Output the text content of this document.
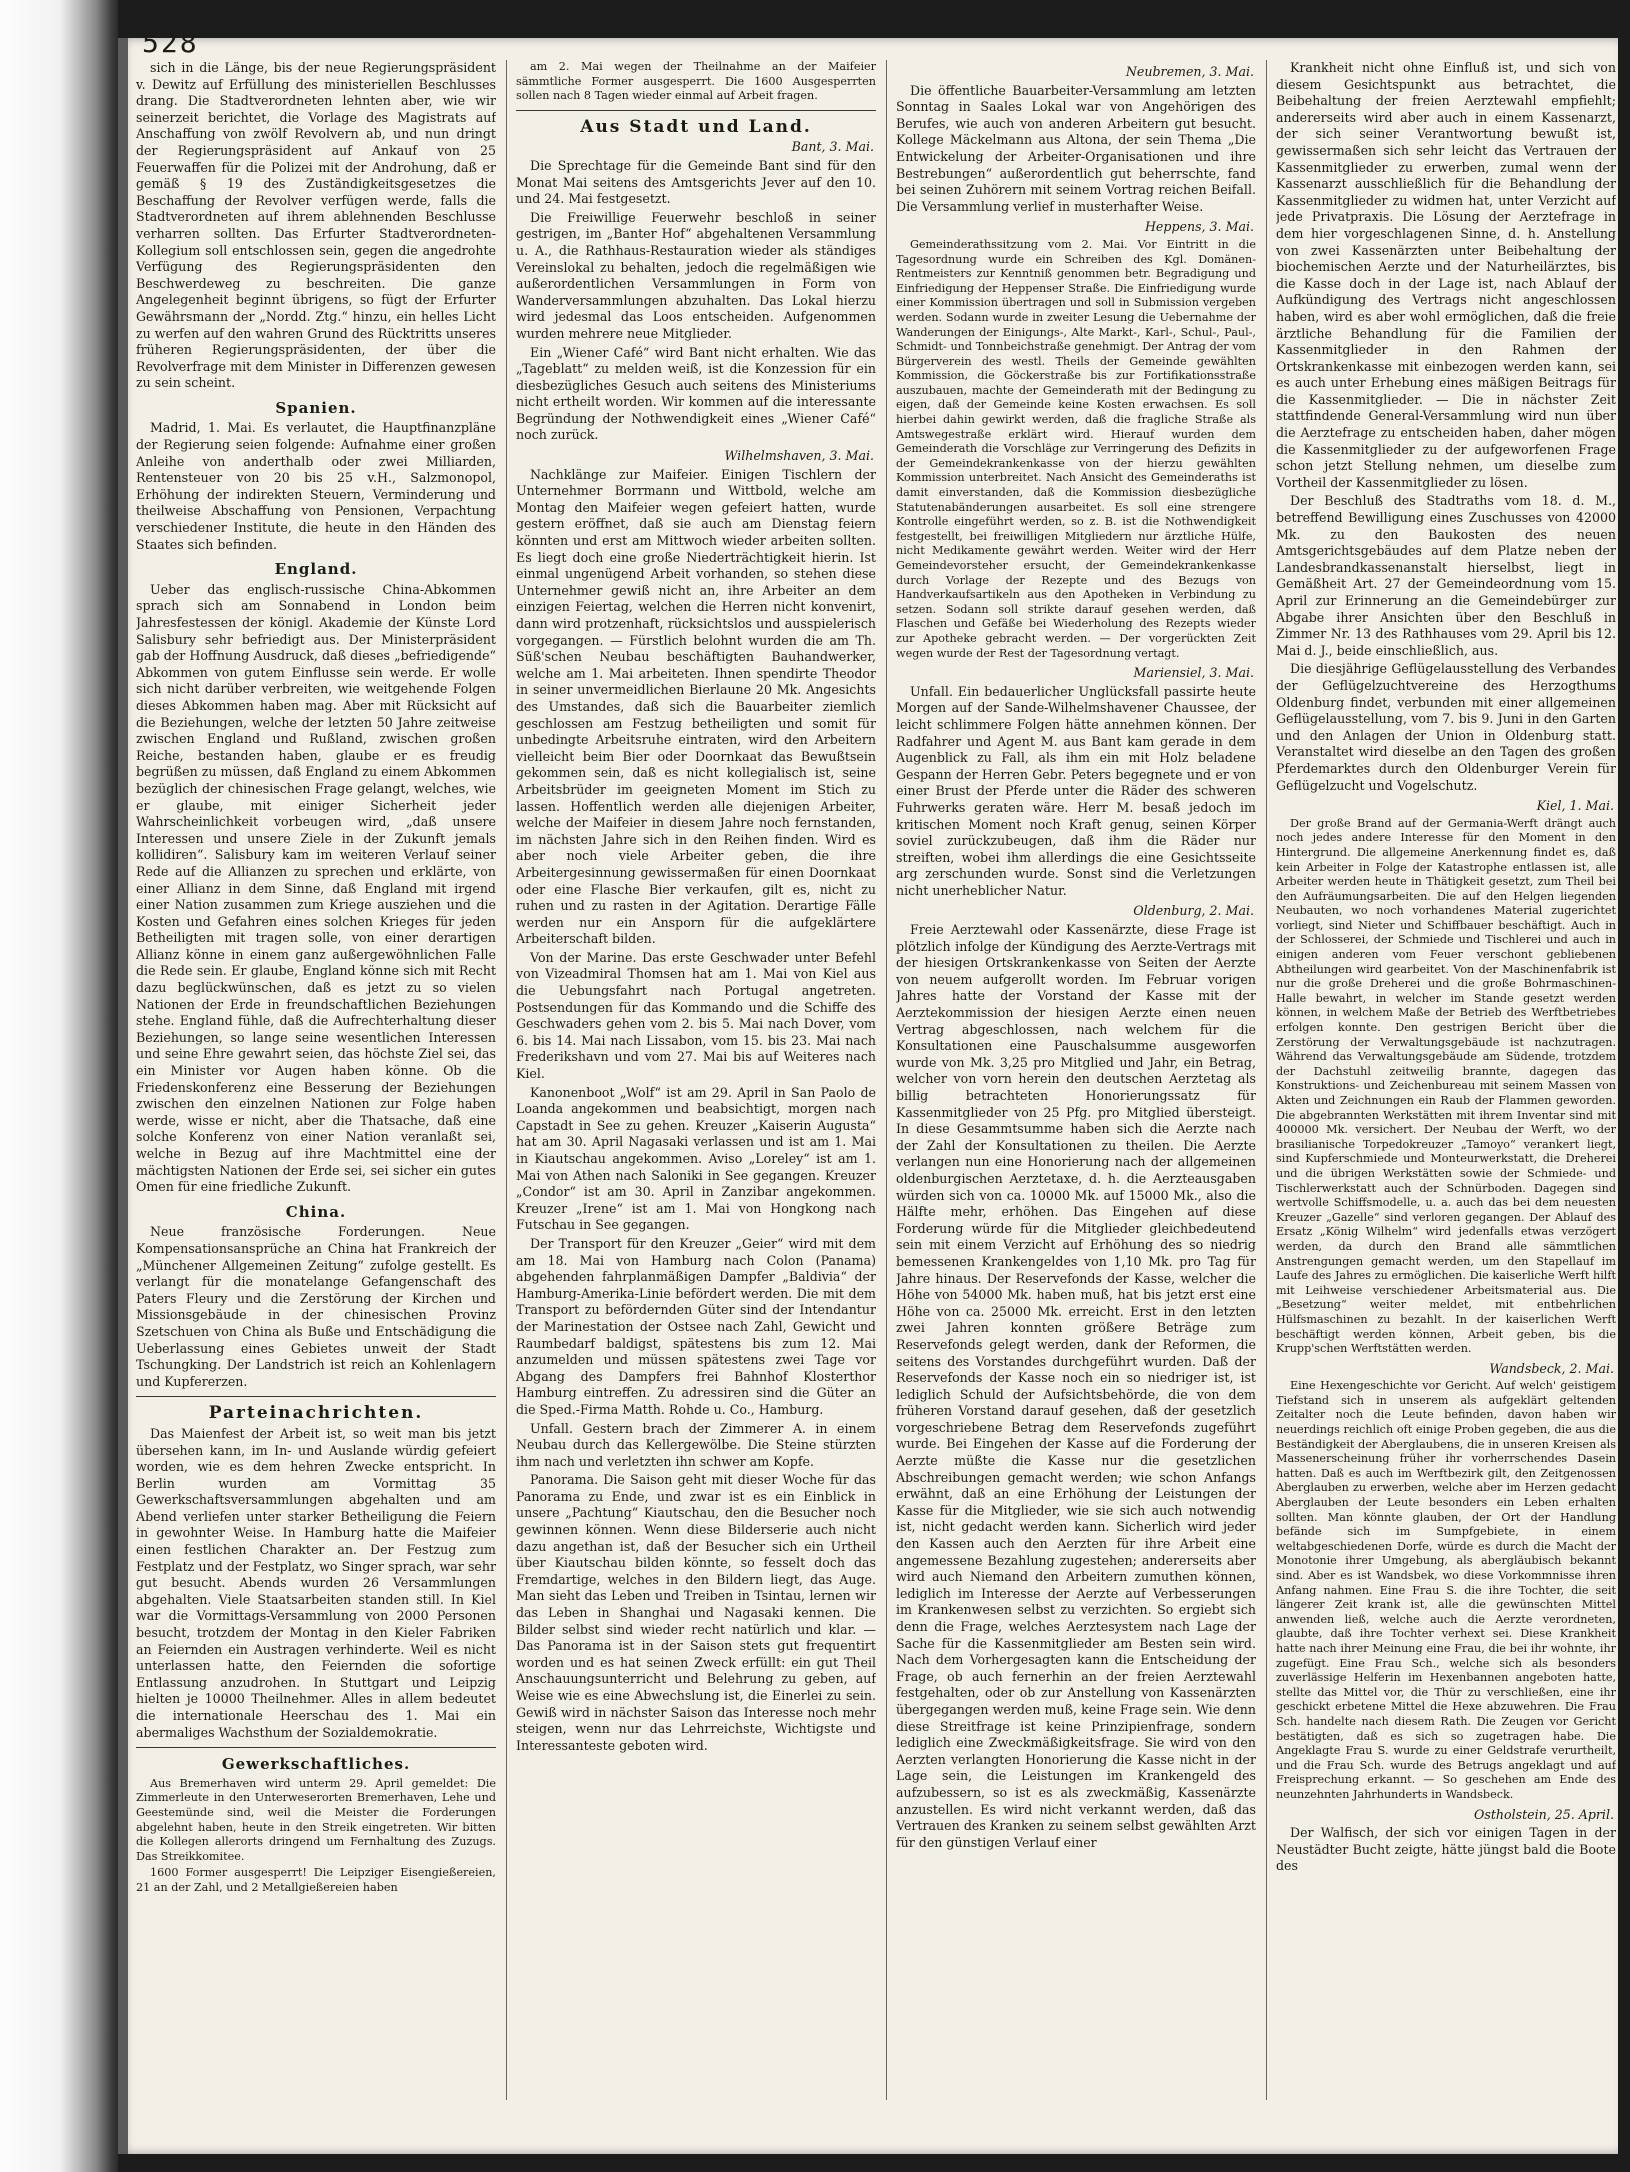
528

sich in die Länge, bis der neue Regierungspräsident v. Dewitz auf Erfüllung des ministeriellen Beschlusses drang. Die Stadtverordneten lehnten aber, wie wir seinerzeit berichtet, die Vorlage des Magistrats auf Anschaffung von zwölf Revolvern ab, und nun dringt der Regierungspräsident auf Ankauf von 25 Feuerwaffen für die Polizei mit der Androhung, daß er gemäß § 19 des Zuständigkeitsgesetzes die Beschaffung der Revolver verfügen werde, falls die Stadtverordneten auf ihrem ablehnenden Beschlusse verharren sollten. Das Erfurter Stadtverordneten-Kollegium soll entschlossen sein, gegen die angedrohte Verfügung des Regierungspräsidenten den Beschwerdeweg zu beschreiten. Die ganze Angelegenheit beginnt übrigens, so fügt der Erfurter Gewährsmann der „Nordd. Ztg.“ hinzu, ein helles Licht zu werfen auf den wahren Grund des Rücktritts unseres früheren Regierungspräsidenten, der über die Revolverfrage mit dem Minister in Differenzen gewesen zu sein scheint.

Spanien.

Madrid, 1. Mai. Es verlautet, die Hauptfinanzpläne der Regierung seien folgende: Aufnahme einer großen Anleihe von anderthalb oder zwei Milliarden, Rentensteuer von 20 bis 25 v.H., Salzmonopol, Erhöhung der indirekten Steuern, Verminderung und theilweise Abschaffung von Pensionen, Verpachtung verschiedener Institute, die heute in den Händen des Staates sich befinden.

England.

Ueber das englisch-russische China-Abkommen sprach sich am Sonnabend in London beim Jahresfestessen der königl. Akademie der Künste Lord Salisbury sehr befriedigt aus. Der Ministerpräsident gab der Hoffnung Ausdruck, daß dieses „befriedigende“ Abkommen von gutem Einflusse sein werde. Er wolle sich nicht darüber verbreiten, wie weitgehende Folgen dieses Abkommen haben mag. Aber mit Rücksicht auf die Beziehungen, welche der letzten 50 Jahre zeitweise zwischen England und Rußland, zwischen großen Reiche, bestanden haben, glaube er es freudig begrüßen zu müssen, daß England zu einem Abkommen bezüglich der chinesischen Frage gelangt, welches, wie er glaube, mit einiger Sicherheit jeder Wahrscheinlichkeit vorbeugen wird, „daß unsere Interessen und unsere Ziele in der Zukunft jemals kollidiren“. Salisbury kam im weiteren Verlauf seiner Rede auf die Allianzen zu sprechen und erklärte, von einer Allianz in dem Sinne, daß England mit irgend einer Nation zusammen zum Kriege ausziehen und die Kosten und Gefahren eines solchen Krieges für jeden Betheiligten mit tragen solle, von einer derartigen Allianz könne in einem ganz außergewöhnlichen Falle die Rede sein. Er glaube, England könne sich mit Recht dazu beglückwünschen, daß es jetzt zu so vielen Nationen der Erde in freundschaftlichen Beziehungen stehe. England fühle, daß die Aufrechterhaltung dieser Beziehungen, so lange seine wesentlichen Interessen und seine Ehre gewahrt seien, das höchste Ziel sei, das ein Minister vor Augen haben könne. Ob die Friedenskonferenz eine Besserung der Beziehungen zwischen den einzelnen Nationen zur Folge haben werde, wisse er nicht, aber die Thatsache, daß eine solche Konferenz von einer Nation veranlaßt sei, welche in Bezug auf ihre Machtmittel eine der mächtigsten Nationen der Erde sei, sei sicher ein gutes Omen für eine friedliche Zukunft.

China.

Neue französische Forderungen. Neue Kompensationsansprüche an China hat Frankreich der „Münchener Allgemeinen Zeitung“ zufolge gestellt. Es verlangt für die monatelange Gefangenschaft des Paters Fleury und die Zerstörung der Kirchen und Missionsgebäude in der chinesischen Provinz Szetschuen von China als Buße und Entschädigung die Ueberlassung eines Gebietes unweit der Stadt Tschungking. Der Landstrich ist reich an Kohlenlagern und Kupfererzen.

Parteinachrichten.

Das Maienfest der Arbeit ist, so weit man bis jetzt übersehen kann, im In- und Auslande würdig gefeiert worden, wie es dem hehren Zwecke entspricht. In Berlin wurden am Vormittag 35 Gewerkschaftsversammlungen abgehalten und am Abend verliefen unter starker Betheiligung die Feiern in gewohnter Weise. In Hamburg hatte die Maifeier einen festlichen Charakter an. Der Festzug zum Festplatz und der Festplatz, wo Singer sprach, war sehr gut besucht. Abends wurden 26 Versammlungen abgehalten. Viele Staatsarbeiten standen still. In Kiel war die Vormittags-Versammlung von 2000 Personen besucht, trotzdem der Montag in den Kieler Fabriken an Feiernden ein Austragen verhinderte. Weil es nicht unterlassen hatte, den Feiernden die sofortige Entlassung anzudrohen. In Stuttgart und Leipzig hielten je 10000 Theilnehmer. Alles in allem bedeutet die internationale Heerschau des 1. Mai ein abermaliges Wachsthum der Sozialdemokratie.

Gewerkschaftliches.

Aus Bremerhaven wird unterm 29. April gemeldet: Die Zimmerleute in den Unterweserorten Bremerhaven, Lehe und Geestemünde sind, weil die Meister die Forderungen abgelehnt haben, heute in den Streik eingetreten. Wir bitten die Kollegen allerorts dringend um Fernhaltung des Zuzugs. Das Streikkomitee.

1600 Former ausgesperrt! Die Leipziger Eisengießereien, 21 an der Zahl, und 2 Metallgießereien haben

am 2. Mai wegen der Theilnahme an der Maifeier sämmtliche Former ausgesperrt. Die 1600 Ausgesperrten sollen nach 8 Tagen wieder einmal auf Arbeit fragen.

Aus Stadt und Land.
Bant, 3. Mai.

Die Sprechtage für die Gemeinde Bant sind für den Monat Mai seitens des Amtsgerichts Jever auf den 10. und 24. Mai festgesetzt.

Die Freiwillige Feuerwehr beschloß in seiner gestrigen, im „Banter Hof“ abgehaltenen Versammlung u. A., die Rathhaus-Restauration wieder als ständiges Vereinslokal zu behalten, jedoch die regelmäßigen wie außerordentlichen Versammlungen in Form von Wanderversammlungen abzuhalten. Das Lokal hierzu wird jedesmal das Loos entscheiden. Aufgenommen wurden mehrere neue Mitglieder.

Ein „Wiener Café“ wird Bant nicht erhalten. Wie das „Tageblatt“ zu melden weiß, ist die Konzession für ein diesbezügliches Gesuch auch seitens des Ministeriums nicht ertheilt worden. Wir kommen auf die interessante Begründung der Nothwendigkeit eines „Wiener Café“ noch zurück.

Wilhelmshaven, 3. Mai.

Nachklänge zur Maifeier. Einigen Tischlern der Unternehmer Borrmann und Wittbold, welche am Montag den Maifeier wegen gefeiert hatten, wurde gestern eröffnet, daß sie auch am Dienstag feiern könnten und erst am Mittwoch wieder arbeiten sollten. Es liegt doch eine große Niederträchtigkeit hierin. Ist einmal ungenügend Arbeit vorhanden, so stehen diese Unternehmer gewiß nicht an, ihre Arbeiter an dem einzigen Feiertag, welchen die Herren nicht konvenirt, dann wird protzenhaft, rücksichtslos und ausspielerisch vorgegangen. — Fürstlich belohnt wurden die am Th. Süß'schen Neubau beschäftigten Bauhandwerker, welche am 1. Mai arbeiteten. Ihnen spendirte Theodor in seiner unvermeidlichen Bierlaune 20 Mk. Angesichts des Umstandes, daß sich die Bauarbeiter ziemlich geschlossen am Festzug betheiligten und somit für unbedingte Arbeitsruhe eintraten, wird den Arbeitern vielleicht beim Bier oder Doornkaat das Bewußtsein gekommen sein, daß es nicht kollegialisch ist, seine Arbeitsbrüder im geeigneten Moment im Stich zu lassen. Hoffentlich werden alle diejenigen Arbeiter, welche der Maifeier in diesem Jahre noch fernstanden, im nächsten Jahre sich in den Reihen finden. Wird es aber noch viele Arbeiter geben, die ihre Arbeitergesinnung gewissermaßen für einen Doornkaat oder eine Flasche Bier verkaufen, gilt es, nicht zu ruhen und zu rasten in der Agitation. Derartige Fälle werden nur ein Ansporn für die aufgeklärtere Arbeiterschaft bilden.

Von der Marine. Das erste Geschwader unter Befehl von Vizeadmiral Thomsen hat am 1. Mai von Kiel aus die Uebungsfahrt nach Portugal angetreten. Postsendungen für das Kommando und die Schiffe des Geschwaders gehen vom 2. bis 5. Mai nach Dover, vom 6. bis 14. Mai nach Lissabon, vom 15. bis 23. Mai nach Frederikshavn und vom 27. Mai bis auf Weiteres nach Kiel.

Kanonenboot „Wolf“ ist am 29. April in San Paolo de Loanda angekommen und beabsichtigt, morgen nach Capstadt in See zu gehen. Kreuzer „Kaiserin Augusta“ hat am 30. April Nagasaki verlassen und ist am 1. Mai in Kiautschau angekommen. Aviso „Loreley“ ist am 1. Mai von Athen nach Saloniki in See gegangen. Kreuzer „Condor“ ist am 30. April in Zanzibar angekommen. Kreuzer „Irene“ ist am 1. Mai von Hongkong nach Futschau in See gegangen.

Der Transport für den Kreuzer „Geier“ wird mit dem am 18. Mai von Hamburg nach Colon (Panama) abgehenden fahrplanmäßigen Dampfer „Baldivia“ der Hamburg-Amerika-Linie befördert werden. Die mit dem Transport zu befördernden Güter sind der Intendantur der Marinestation der Ostsee nach Zahl, Gewicht und Raumbedarf baldigst, spätestens bis zum 12. Mai anzumelden und müssen spätestens zwei Tage vor Abgang des Dampfers frei Bahnhof Klosterthor Hamburg eintreffen. Zu adressiren sind die Güter an die Sped.-Firma Matth. Rohde u. Co., Hamburg.

Unfall. Gestern brach der Zimmerer A. in einem Neubau durch das Kellergewölbe. Die Steine stürzten ihm nach und verletzten ihn schwer am Kopfe.

Panorama. Die Saison geht mit dieser Woche für das Panorama zu Ende, und zwar ist es ein Einblick in unsere „Pachtung“ Kiautschau, den die Besucher noch gewinnen können. Wenn diese Bilderserie auch nicht dazu angethan ist, daß der Besucher sich ein Urtheil über Kiautschau bilden könnte, so fesselt doch das Fremdartige, welches in den Bildern liegt, das Auge. Man sieht das Leben und Treiben in Tsintau, lernen wir das Leben in Shanghai und Nagasaki kennen. Die Bilder selbst sind wieder recht natürlich und klar. — Das Panorama ist in der Saison stets gut frequentirt worden und es hat seinen Zweck erfüllt: ein gut Theil Anschauungsunterricht und Belehrung zu geben, auf Weise wie es eine Abwechslung ist, die Einerlei zu sein. Gewiß wird in nächster Saison das Interesse noch mehr steigen, wenn nur das Lehrreichste, Wichtigste und Interessanteste geboten wird.

Neubremen, 3. Mai.

Die öffentliche Bauarbeiter-Versammlung am letzten Sonntag in Saales Lokal war von Angehörigen des Berufes, wie auch von anderen Arbeitern gut besucht. Kollege Mäckelmann aus Altona, der sein Thema „Die Entwickelung der Arbeiter-Organisationen und ihre Bestrebungen“ außerordentlich gut beherrschte, fand bei seinen Zuhörern mit seinem Vortrag reichen Beifall. Die Versammlung verlief in musterhafter Weise.

Heppens, 3. Mai.

Gemeinderathssitzung vom 2. Mai. Vor Eintritt in die Tagesordnung wurde ein Schreiben des Kgl. Domänen-Rentmeisters zur Kenntniß genommen betr. Begradigung und Einfriedigung der Heppenser Straße. Die Einfriedigung wurde einer Kommission übertragen und soll in Submission vergeben werden. Sodann wurde in zweiter Lesung die Uebernahme der Wanderungen der Einigungs-, Alte Markt-, Karl-, Schul-, Paul-, Schmidt- und Tonnbeichstraße genehmigt. Der Antrag der vom Bürgerverein des westl. Theils der Gemeinde gewählten Kommission, die Göckerstraße bis zur Fortifikationsstraße auszubauen, machte der Gemeinderath mit der Bedingung zu eigen, daß der Gemeinde keine Kosten erwachsen. Es soll hierbei dahin gewirkt werden, daß die fragliche Straße als Amtswegestraße erklärt wird. Hierauf wurden dem Gemeinderath die Vorschläge zur Verringerung des Defizits in der Gemeindekrankenkasse von der hierzu gewählten Kommission unterbreitet. Nach Ansicht des Gemeinderaths ist damit einverstanden, daß die Kommission diesbezügliche Statutenabänderungen ausarbeitet. Es soll eine strengere Kontrolle eingeführt werden, so z. B. ist die Nothwendigkeit festgestellt, bei freiwilligen Mitgliedern nur ärztliche Hülfe, nicht Medikamente gewährt werden. Weiter wird der Herr Gemeindevorsteher ersucht, der Gemeindekrankenkasse durch Vorlage der Rezepte und des Bezugs von Handverkaufsartikeln aus den Apotheken in Verbindung zu setzen. Sodann soll strikte darauf gesehen werden, daß Flaschen und Gefäße bei Wiederholung des Rezepts wieder zur Apotheke gebracht werden. — Der vorgerückten Zeit wegen wurde der Rest der Tagesordnung vertagt.

Mariensiel, 3. Mai.

Unfall. Ein bedauerlicher Unglücksfall passirte heute Morgen auf der Sande-Wilhelmshavener Chaussee, der leicht schlimmere Folgen hätte annehmen können. Der Radfahrer und Agent M. aus Bant kam gerade in dem Augenblick zu Fall, als ihm ein mit Holz beladene Gespann der Herren Gebr. Peters begegnete und er von einer Brust der Pferde unter die Räder des schweren Fuhrwerks geraten wäre. Herr M. besaß jedoch im kritischen Moment noch Kraft genug, seinen Körper soviel zurückzubeugen, daß ihm die Räder nur streiften, wobei ihm allerdings die eine Gesichtsseite arg zerschunden wurde. Sonst sind die Verletzungen nicht unerheblicher Natur.

Oldenburg, 2. Mai.

Freie Aerztewahl oder Kassenärzte, diese Frage ist plötzlich infolge der Kündigung des Aerzte-Vertrags mit der hiesigen Ortskrankenkasse von Seiten der Aerzte von neuem aufgerollt worden. Im Februar vorigen Jahres hatte der Vorstand der Kasse mit der Aerztekommission der hiesigen Aerzte einen neuen Vertrag abgeschlossen, nach welchem für die Konsultationen eine Pauschalsumme ausgeworfen wurde von Mk. 3,25 pro Mitglied und Jahr, ein Betrag, welcher von vorn herein den deutschen Aerztetag als billig betrachteten Honorierungssatz für Kassenmitglieder von 25 Pfg. pro Mitglied übersteigt. In diese Gesammtsumme haben sich die Aerzte nach der Zahl der Konsultationen zu theilen. Die Aerzte verlangen nun eine Honorierung nach der allgemeinen oldenburgischen Aerztetaxe, d. h. die Aerzteausgaben würden sich von ca. 10000 Mk. auf 15000 Mk., also die Hälfte mehr, erhöhen. Das Eingehen auf diese Forderung würde für die Mitglieder gleichbedeutend sein mit einem Verzicht auf Erhöhung des so niedrig bemessenen Krankengeldes von 1,10 Mk. pro Tag für Jahre hinaus. Der Reservefonds der Kasse, welcher die Höhe von 54000 Mk. haben muß, hat bis jetzt erst eine Höhe von ca. 25000 Mk. erreicht. Erst in den letzten zwei Jahren konnten größere Beträge zum Reservefonds gelegt werden, dank der Reformen, die seitens des Vorstandes durchgeführt wurden. Daß der Reservefonds der Kasse noch ein so niedriger ist, ist lediglich Schuld der Aufsichtsbehörde, die von dem früheren Vorstand darauf gesehen, daß der gesetzlich vorgeschriebene Betrag dem Reservefonds zugeführt wurde. Bei Eingehen der Kasse auf die Forderung der Aerzte müßte die Kasse nur die gesetzlichen Abschreibungen gemacht werden; wie schon Anfangs erwähnt, daß an eine Erhöhung der Leistungen der Kasse für die Mitglieder, wie sie sich auch notwendig ist, nicht gedacht werden kann. Sicherlich wird jeder den Kassen auch den Aerzten für ihre Arbeit eine angemessene Bezahlung zugestehen; andererseits aber wird auch Niemand den Arbeitern zumuthen können, lediglich im Interesse der Aerzte auf Verbesserungen im Krankenwesen selbst zu verzichten. So ergiebt sich denn die Frage, welches Aerztesystem nach Lage der Sache für die Kassenmitglieder am Besten sein wird. Nach dem Vorhergesagten kann die Entscheidung der Frage, ob auch fernerhin an der freien Aerztewahl festgehalten, oder ob zur Anstellung von Kassenärzten übergegangen werden muß, keine Frage sein. Wie denn diese Streitfrage ist keine Prinzipienfrage, sondern lediglich eine Zweckmäßigkeitsfrage. Sie wird von den Aerzten verlangten Honorierung die Kasse nicht in der Lage sein, die Leistungen im Krankengeld des aufzubessern, so ist es als zweckmäßig, Kassenärzte anzustellen. Es wird nicht verkannt werden, daß das Vertrauen des Kranken zu seinem selbst gewählten Arzt für den günstigen Verlauf einer

Krankheit nicht ohne Einfluß ist, und sich von diesem Gesichtspunkt aus betrachtet, die Beibehaltung der freien Aerztewahl empfiehlt; andererseits wird aber auch in einem Kassenarzt, der sich seiner Verantwortung bewußt ist, gewissermaßen sich sehr leicht das Vertrauen der Kassenmitglieder zu erwerben, zumal wenn der Kassenarzt ausschließlich für die Behandlung der Kassenmitglieder zu widmen hat, unter Verzicht auf jede Privatpraxis. Die Lösung der Aerztefrage in dem hier vorgeschlagenen Sinne, d. h. Anstellung von zwei Kassenärzten unter Beibehaltung der biochemischen Aerzte und der Naturheilärztes, bis die Kasse doch in der Lage ist, nach Ablauf der Aufkündigung des Vertrags nicht angeschlossen haben, wird es aber wohl ermöglichen, daß die freie ärztliche Behandlung für die Familien der Kassenmitglieder in den Rahmen der Ortskrankenkasse mit einbezogen werden kann, sei es auch unter Erhebung eines mäßigen Beitrags für die Kassenmitglieder. — Die in nächster Zeit stattfindende General-Versammlung wird nun über die Aerztefrage zu entscheiden haben, daher mögen die Kassenmitglieder zu der aufgeworfenen Frage schon jetzt Stellung nehmen, um dieselbe zum Vortheil der Kassenmitglieder zu lösen.

Der Beschluß des Stadtraths vom 18. d. M., betreffend Bewilligung eines Zuschusses von 42000 Mk. zu den Baukosten des neuen Amtsgerichtsgebäudes auf dem Platze neben der Landesbrandkassenanstalt hierselbst, liegt in Gemäßheit Art. 27 der Gemeindeordnung vom 15. April zur Erinnerung an die Gemeindebürger zur Abgabe ihrer Ansichten über den Beschluß in Zimmer Nr. 13 des Rathhauses vom 29. April bis 12. Mai d. J., beide einschließlich, aus.

Die diesjährige Geflügelausstellung des Verbandes der Geflügelzuchtvereine des Herzogthums Oldenburg findet, verbunden mit einer allgemeinen Geflügelausstellung, vom 7. bis 9. Juni in den Garten und den Anlagen der Union in Oldenburg statt. Veranstaltet wird dieselbe an den Tagen des großen Pferdemarktes durch den Oldenburger Verein für Geflügelzucht und Vogelschutz.

Kiel, 1. Mai.

Der große Brand auf der Germania-Werft drängt auch noch jedes andere Interesse für den Moment in den Hintergrund. Die allgemeine Anerkennung findet es, daß kein Arbeiter in Folge der Katastrophe entlassen ist, alle Arbeiter werden heute in Thätigkeit gesetzt, zum Theil bei den Aufräumungsarbeiten. Die auf den Helgen liegenden Neubauten, wo noch vorhandenes Material zugerichtet vorliegt, sind Nieter und Schiffbauer beschäftigt. Auch in der Schlosserei, der Schmiede und Tischlerei und auch in einigen anderen vom Feuer verschont gebliebenen Abtheilungen wird gearbeitet. Von der Maschinenfabrik ist nur die große Dreherei und die große Bohrmaschinen-Halle bewahrt, in welcher im Stande gesetzt werden können, in welchem Maße der Betrieb des Werftbetriebes erfolgen konnte. Den gestrigen Bericht über die Zerstörung der Verwaltungsgebäude ist nachzutragen. Während das Verwaltungsgebäude am Südende, trotzdem der Dachstuhl zeitweilig brannte, dagegen das Konstruktions- und Zeichenbureau mit seinem Massen von Akten und Zeichnungen ein Raub der Flammen geworden. Die abgebrannten Werkstätten mit ihrem Inventar sind mit 400000 Mk. versichert. Der Neubau der Werft, wo der brasilianische Torpedokreuzer „Tamoyo“ verankert liegt, sind Kupferschmiede und Monteurwerkstatt, die Dreherei und die übrigen Werkstätten sowie der Schmiede- und Tischlerwerkstatt auch der Schnürboden. Dagegen sind wertvolle Schiffsmodelle, u. a. auch das bei dem neuesten Kreuzer „Gazelle“ sind verloren gegangen. Der Ablauf des Ersatz „König Wilhelm“ wird jedenfalls etwas verzögert werden, da durch den Brand alle sämmtlichen Anstrengungen gemacht werden, um den Stapellauf im Laufe des Jahres zu ermöglichen. Die kaiserliche Werft hilft mit Leihweise verschiedener Arbeitsmaterial aus. Die „Besetzung“ weiter meldet, mit entbehrlichen Hülfsmaschinen zu bezahlt. In der kaiserlichen Werft beschäftigt werden können, Arbeit geben, bis die Krupp'schen Werftstätten werden.

Wandsbeck, 2. Mai.

Eine Hexengeschichte vor Gericht. Auf welch' geistigem Tiefstand sich in unserem als aufgeklärt geltenden Zeitalter noch die Leute befinden, davon haben wir neuerdings reichlich oft einige Proben gegeben, die aus die Beständigkeit der Aberglaubens, die in unseren Kreisen als Massenerscheinung früher ihr vorherrschendes Dasein hatten. Daß es auch im Werftbezirk gilt, den Zeitgenossen Aberglauben zu erwerben, welche aber im Herzen gedacht Aberglauben der Leute besonders ein Leben erhalten sollten. Man könnte glauben, der Ort der Handlung befände sich im Sumpfgebiete, in einem weltabgeschiedenen Dorfe, würde es durch die Macht der Monotonie ihrer Umgebung, als abergläubisch bekannt sind. Aber es ist Wandsbek, wo diese Vorkommnisse ihren Anfang nahmen. Eine Frau S. die ihre Tochter, die seit längerer Zeit krank ist, alle die gewünschten Mittel anwenden ließ, welche auch die Aerzte verordneten, glaubte, daß ihre Tochter verhext sei. Diese Krankheit hatte nach ihrer Meinung eine Frau, die bei ihr wohnte, ihr zugefügt. Eine Frau Sch., welche sich als besonders zuverlässige Helferin im Hexenbannen angeboten hatte, stellte das Mittel vor, die Thür zu verschließen, eine ihr geschickt erbetene Mittel die Hexe abzuwehren. Die Frau Sch. handelte nach diesem Rath. Die Zeugen vor Gericht bestätigten, daß es sich so zugetragen habe. Die Angeklagte Frau S. wurde zu einer Geldstrafe verurtheilt, und die Frau Sch. wurde des Betrugs angeklagt und auf Freisprechung erkannt. — So geschehen am Ende des neunzehnten Jahrhunderts in Wandsbeck.

Ostholstein, 25. April.

Der Walfisch, der sich vor einigen Tagen in der Neustädter Bucht zeigte, hätte jüngst bald die Boote des
